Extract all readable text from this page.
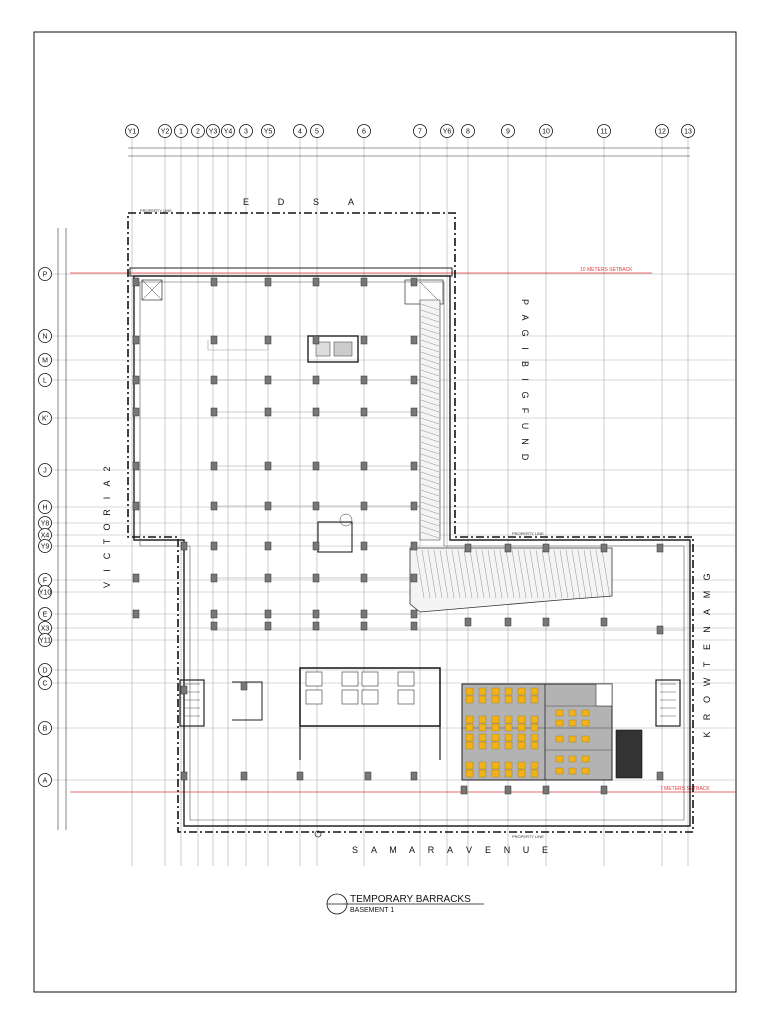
10 METERS SETBACK
7 METERS SETBACK
PROPERTY LINE
PROPERTY LINE
PROPERTY LINE
Y1	Y2 1 2 Y3 Y4 3 Y5	4 5	6	7	Y6 8	9	10	11	12	13
P
N
M
L
K'
J
H
Y8
X4
Y9
F
Y10
E
X3
Y11
D
C
B
A
E	D	S	A
S A M A R A V E N U E
V
I
C
T
O
R
I
A
2
P
A
G
I
B
I
G
F
U
N
D
G
M
A
N
E
T
W
O
R
K
TEMPORARY BARRACKS
BASEMENT 1
